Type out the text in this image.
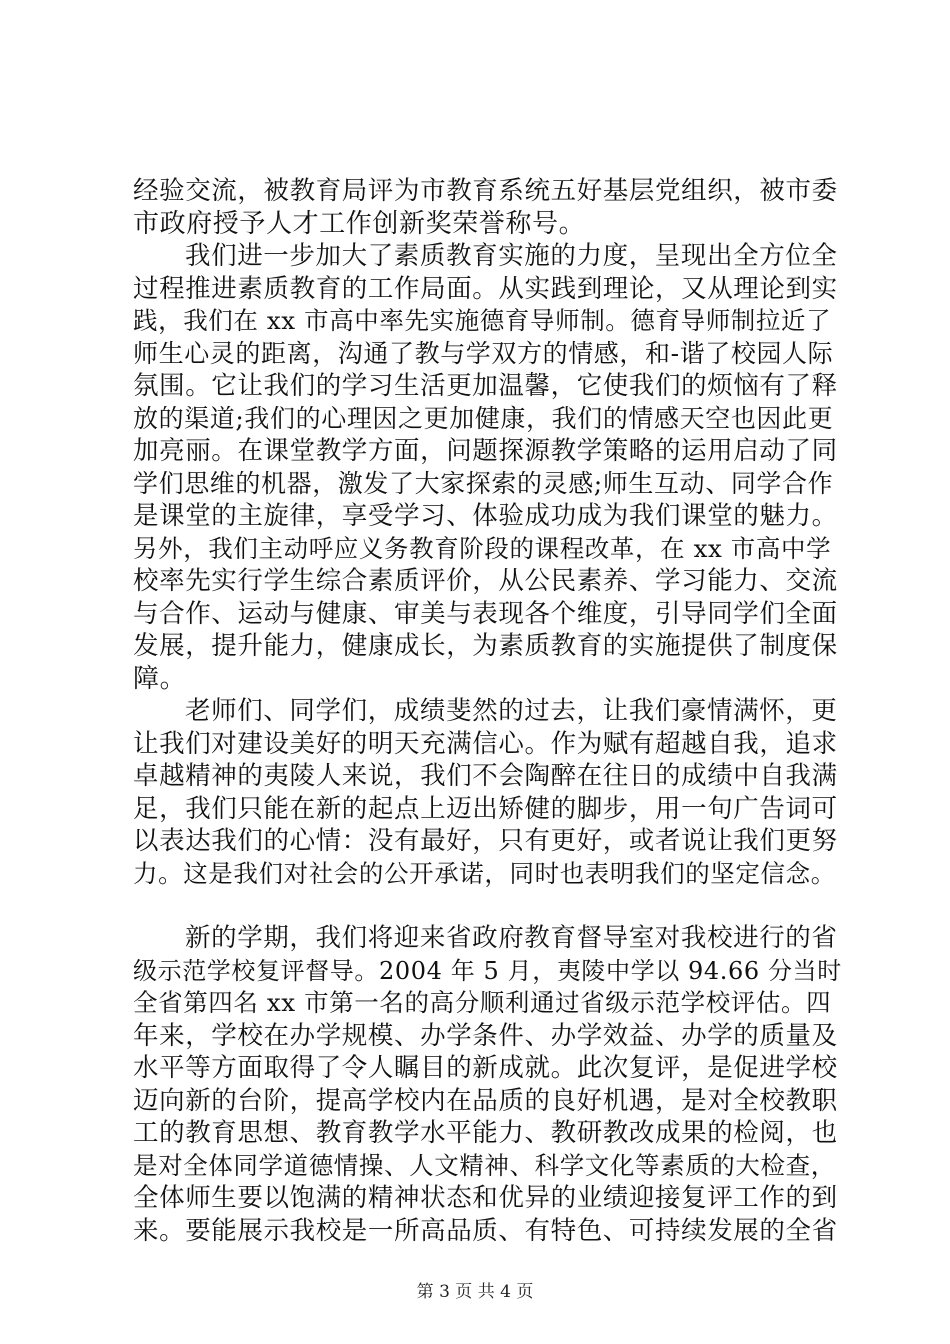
经验交流，被教育局评为市教育系统五好基层党组织，被市委
市政府授予人才工作创新奖荣誉称号。
我们进一步加大了素质教育实施的力度，呈现出全方位全
过程推进素质教育的工作局面。从实践到理论，又从理论到实
践，我们在 xx 市高中率先实施德育导师制。德育导师制拉近了
师生心灵的距离，沟通了教与学双方的情感，和-谐了校园人际
氛围。它让我们的学习生活更加温馨，它使我们的烦恼有了释
放的渠道;我们的心理因之更加健康，我们的情感天空也因此更
加亮丽。在课堂教学方面，问题探源教学策略的运用启动了同
学们思维的机器，激发了大家探索的灵感;师生互动、同学合作
是课堂的主旋律，享受学习、体验成功成为我们课堂的魅力。
另外，我们主动呼应义务教育阶段的课程改革，在 xx 市高中学
校率先实行学生综合素质评价，从公民素养、学习能力、交流
与合作、运动与健康、审美与表现各个维度，引导同学们全面
发展，提升能力，健康成长，为素质教育的实施提供了制度保
障。
老师们、同学们，成绩斐然的过去，让我们豪情满怀，更
让我们对建设美好的明天充满信心。作为赋有超越自我，追求
卓越精神的夷陵人来说，我们不会陶醉在往日的成绩中自我满
足，我们只能在新的起点上迈出矫健的脚步，用一句广告词可
以表达我们的心情：没有最好，只有更好，或者说让我们更努
力。这是我们对社会的公开承诺，同时也表明我们的坚定信念。
新的学期，我们将迎来省政府教育督导室对我校进行的省
级示范学校复评督导。2004 年 5 月，夷陵中学以 94.66 分当时
全省第四名 xx 市第一名的高分顺利通过省级示范学校评估。四
年来，学校在办学规模、办学条件、办学效益、办学的质量及
水平等方面取得了令人瞩目的新成就。此次复评，是促进学校
迈向新的台阶，提高学校内在品质的良好机遇，是对全校教职
工的教育思想、教育教学水平能力、教研教改成果的检阅，也
是对全体同学道德情操、人文精神、科学文化等素质的大检查，
全体师生要以饱满的精神状态和优异的业绩迎接复评工作的到
来。要能展示我校是一所高品质、有特色、可持续发展的全省
第 3 页 共 4 页
